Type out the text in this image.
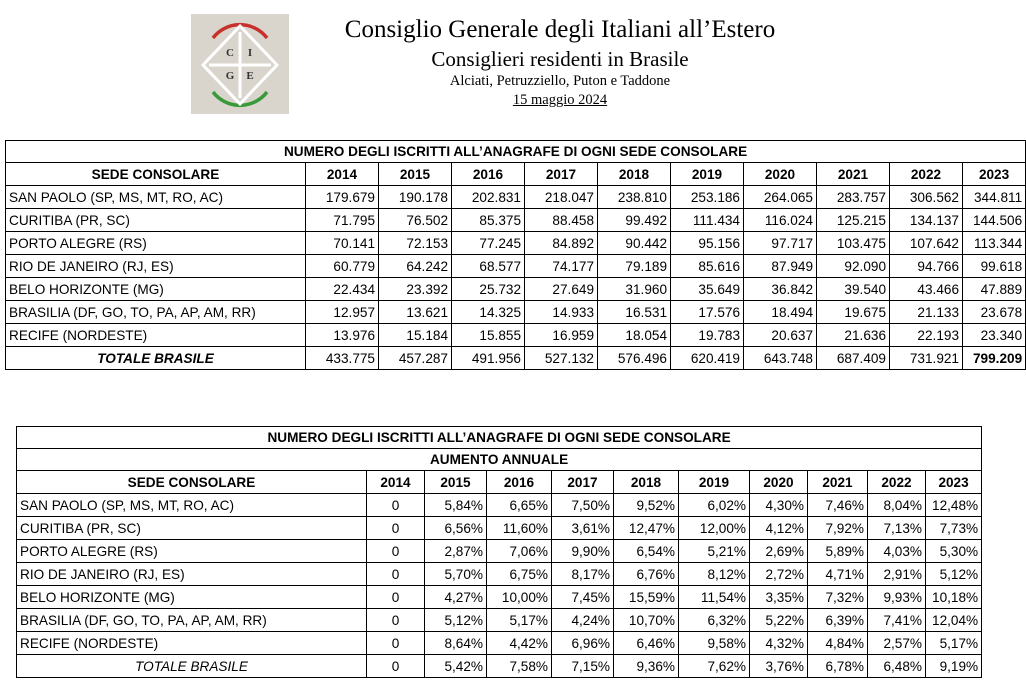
C I
G E
Consiglio Generale degli Italiani all’Estero
Consiglieri residenti in Brasile
Alciati, Petruzziello, Puton e Taddone
15 maggio 2024
NUMERO DEGLI ISCRITTI ALL’ANAGRAFE DI OGNI SEDE CONSOLARE										
SEDE CONSOLARE	2014	2015	2016	2017	2018	2019	2020	2021	2022	2023
SAN PAOLO (SP, MS, MT, RO, AC)	179.679	190.178	202.831	218.047	238.810	253.186	264.065	283.757	306.562	344.811
CURITIBA (PR, SC)	71.795	76.502	85.375	88.458	99.492	111.434	116.024	125.215	134.137	144.506
PORTO ALEGRE (RS)	70.141	72.153	77.245	84.892	90.442	95.156	97.717	103.475	107.642	113.344
RIO DE JANEIRO (RJ, ES)	60.779	64.242	68.577	74.177	79.189	85.616	87.949	92.090	94.766	99.618
BELO HORIZONTE (MG)	22.434	23.392	25.732	27.649	31.960	35.649	36.842	39.540	43.466	47.889
BRASILIA (DF, GO, TO, PA, AP, AM, RR)	12.957	13.621	14.325	14.933	16.531	17.576	18.494	19.675	21.133	23.678
RECIFE (NORDESTE)	13.976	15.184	15.855	16.959	18.054	19.783	20.637	21.636	22.193	23.340
TOTALE BRASILE	433.775	457.287	491.956	527.132	576.496	620.419	643.748	687.409	731.921	799.209
NUMERO DEGLI ISCRITTI ALL’ANAGRAFE DI OGNI SEDE CONSOLARE										
AUMENTO ANNUALE										
SEDE CONSOLARE	2014	2015	2016	2017	2018	2019	2020	2021	2022	2023
SAN PAOLO (SP, MS, MT, RO, AC)	0	5,84%	6,65%	7,50%	9,52%	6,02%	4,30%	7,46%	8,04%	12,48%
CURITIBA (PR, SC)	0	6,56%	11,60%	3,61%	12,47%	12,00%	4,12%	7,92%	7,13%	7,73%
PORTO ALEGRE (RS)	0	2,87%	7,06%	9,90%	6,54%	5,21%	2,69%	5,89%	4,03%	5,30%
RIO DE JANEIRO (RJ, ES)	0	5,70%	6,75%	8,17%	6,76%	8,12%	2,72%	4,71%	2,91%	5,12%
BELO HORIZONTE (MG)	0	4,27%	10,00%	7,45%	15,59%	11,54%	3,35%	7,32%	9,93%	10,18%
BRASILIA (DF, GO, TO, PA, AP, AM, RR)	0	5,12%	5,17%	4,24%	10,70%	6,32%	5,22%	6,39%	7,41%	12,04%
RECIFE (NORDESTE)	0	8,64%	4,42%	6,96%	6,46%	9,58%	4,32%	4,84%	2,57%	5,17%
TOTALE BRASILE	0	5,42%	7,58%	7,15%	9,36%	7,62%	3,76%	6,78%	6,48%	9,19%
